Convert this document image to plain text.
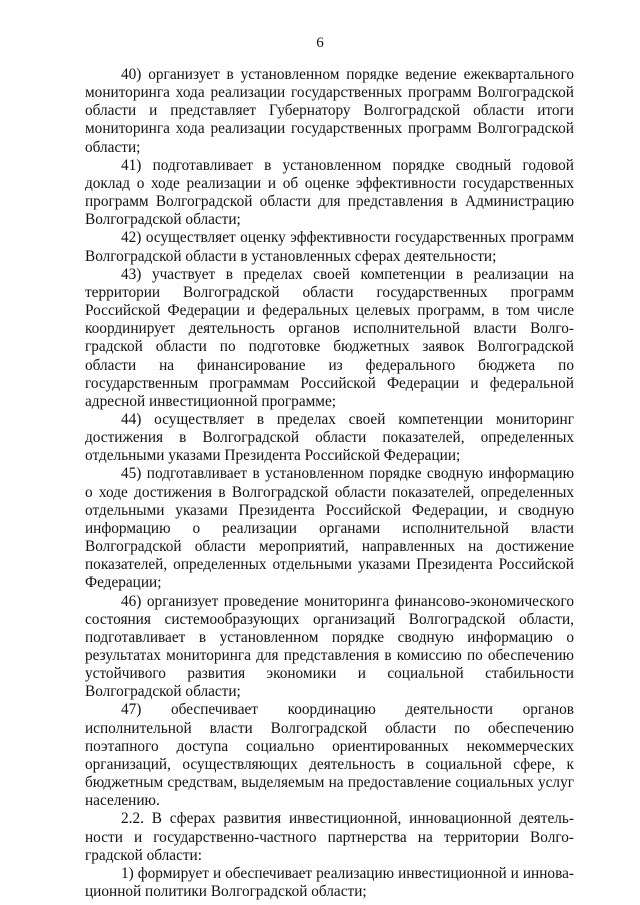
6

40) организует в установленном порядке ведение ежеквартального мониторинга хода реализации государственных программ Волгоградской области и представляет Губернатору Волгоградской области итоги мониторинга хода реализации государственных программ Волгоградской области;

41) подготавливает в установленном порядке сводный годовой доклад о ходе реализации и об оценке эффективности государственных программ Волгоградской области для представления в Администрацию Волгоградской области;

42) осуществляет оценку эффективности государственных программ Волгоградской области в установленных сферах деятельности;

43) участвует в пределах своей компетенции в реализации на территории Волгоградской области государственных программ Российской Федерации и федеральных целевых программ, в том числе координирует деятельность органов исполнительной власти Волгоградской области по подготовке бюджетных заявок Волгоградской области на финансирование из федерального бюджета по государственным программам Российской Федерации и федеральной адресной инвестиционной программе;

44) осуществляет в пределах своей компетенции мониторинг достижения в Волгоградской области показателей, определенных отдельными указами Президента Российской Федерации;

45) подготавливает в установленном порядке сводную информацию о ходе достижения в Волгоградской области показателей, определенных отдельными указами Президента Российской Федерации, и сводную информацию о реализации органами исполнительной власти Волгоградской области мероприятий, направленных на достижение показателей, определенных отдельными указами Президента Российской Федерации;

46) организует проведение мониторинга финансово-экономического состояния системообразующих организаций Волгоградской области, подготавливает в установленном порядке сводную информацию о результатах мониторинга для представления в комиссию по обеспечению устойчивого развития экономики и социальной стабильности Волгоградской области;

47) обеспечивает координацию деятельности органов исполнительной власти Волгоградской области по обеспечению поэтапного доступа социально ориентированных некоммерческих организаций, осуществляющих деятельность в социальной сфере, к бюджетным средствам, выделяемым на предоставление социальных услуг населению.

2.2. В сферах развития инвестиционной, инновационной деятельности и государственно-частного партнерства на территории Волгоградской области:

1) формирует и обеспечивает реализацию инвестиционной и инновационной политики Волгоградской области;
